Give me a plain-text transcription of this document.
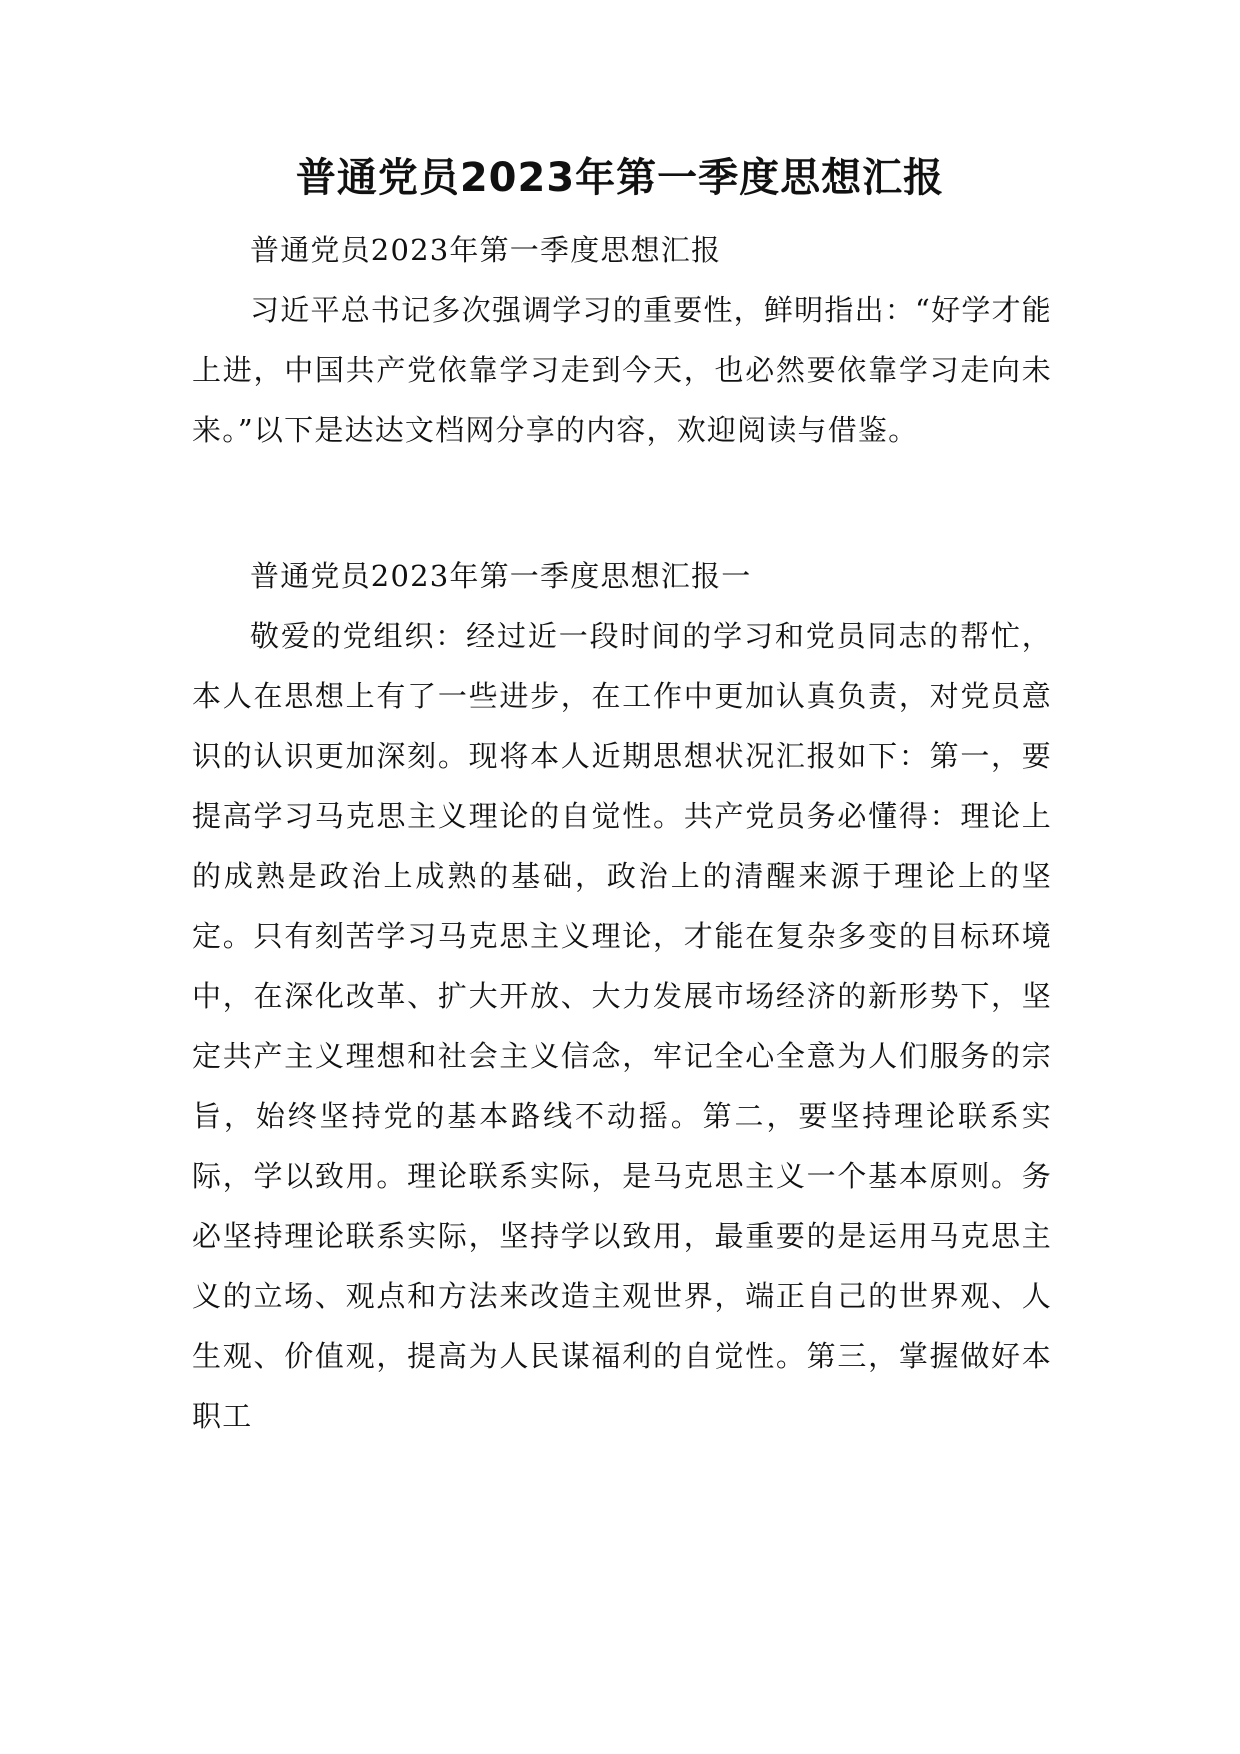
普通党员2023年第一季度思想汇报

普通党员2023年第一季度思想汇报

习近平总书记多次强调学习的重要性，鲜明指出：“好学才能上进，中国共产党依靠学习走到今天，也必然要依靠学习走向未来。”以下是达达文档网分享的内容，欢迎阅读与借鉴。

普通党员2023年第一季度思想汇报一

敬爱的党组织：经过近一段时间的学习和党员同志的帮忙，本人在思想上有了一些进步，在工作中更加认真负责，对党员意识的认识更加深刻。现将本人近期思想状况汇报如下：第一，要提高学习马克思主义理论的自觉性。共产党员务必懂得：理论上的成熟是政治上成熟的基础，政治上的清醒来源于理论上的坚定。只有刻苦学习马克思主义理论，才能在复杂多变的目标环境中，在深化改革、扩大开放、大力发展市场经济的新形势下，坚定共产主义理想和社会主义信念，牢记全心全意为人们服务的宗旨，始终坚持党的基本路线不动摇。第二，要坚持理论联系实际，学以致用。理论联系实际，是马克思主义一个基本原则。务必坚持理论联系实际，坚持学以致用，最重要的是运用马克思主义的立场、观点和方法来改造主观世界，端正自己的世界观、人生观、价值观，提高为人民谋福利的自觉性。第三，掌握做好本职工
